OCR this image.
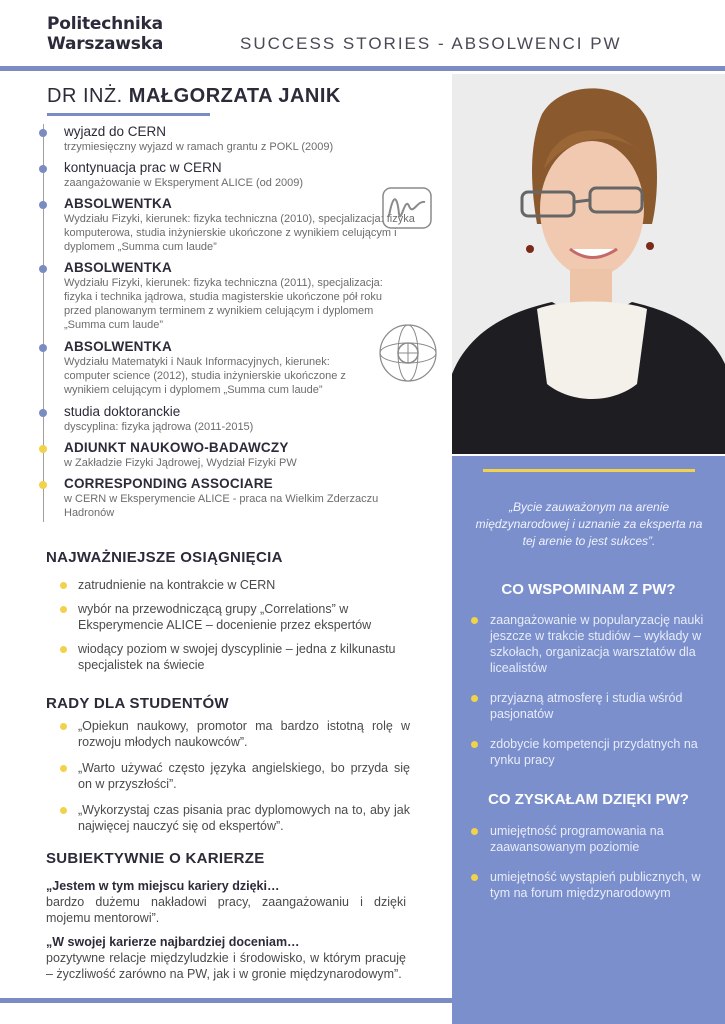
Politechnika
Warszawska	SUCCESS STORIES - ABSOLWENCI PW
„Bycie zauważonym na arenie międzynarodowej i uznanie za eksperta na tej arenie to jest sukces”.
CO WSPOMINAM Z PW?
zaangażowanie w popularyzację nauki jeszcze w trakcie studiów – wykłady w szkołach, organizacja warsztatów dla licealistów
przyjazną atmosferę i studia wśród pasjonatów
zdobycie kompetencji przydatnych na rynku pracy
CO ZYSKAŁAM DZIĘKI PW?
umiejętność programowania na zaawansowanym poziomie
umiejętność wystąpień publicznych, w tym na forum międzynarodowym
DR INŻ. MAŁGORZATA JANIK
wyjazd do CERN
trzymiesięczny wyjazd w ramach grantu z POKL (2009)
kontynuacja prac w CERN
zaangażowanie w Eksperyment ALICE (od 2009)
ABSOLWENTKA
Wydziału Fizyki, kierunek: fizyka techniczna (2010), specjalizacja: fizyka komputerowa, studia inżynierskie ukończone z wynikiem celującym i dyplomem „Summa cum laude”
ABSOLWENTKA
Wydziału Fizyki, kierunek: fizyka techniczna (2011), specjalizacja: fizyka i technika jądrowa, studia magisterskie ukończone pół roku przed planowanym terminem z wynikiem celującym i dyplomem „Summa cum laude”
ABSOLWENTKA
Wydziału Matematyki i Nauk Informacyjnych, kierunek: computer science (2012), studia inżynierskie ukończone z wynikiem celującym i dyplomem „Summa cum laude”
studia doktoranckie
dyscyplina: fizyka jądrowa (2011-2015)
ADIUNKT NAUKOWO-BADAWCZY
w Zakładzie Fizyki Jądrowej, Wydział Fizyki PW
CORRESPONDING ASSOCIARE
w CERN w Eksperymencie ALICE - praca na Wielkim Zderzaczu Hadronów
NAJWAŻNIEJSZE OSIĄGNIĘCIA
zatrudnienie na kontrakcie w CERN
wybór na przewodniczącą grupy „Correlations” w Eksperymencie ALICE – docenienie przez ekspertów
wiodący poziom w swojej dyscyplinie – jedna z kilkunastu specjalistek na świecie
RADY DLA STUDENTÓW
„Opiekun naukowy, promotor ma bardzo istotną rolę w rozwoju młodych naukowców”.
„Warto używać często języka angielskiego, bo przyda się on w przyszłości”.
„Wykorzystaj czas pisania prac dyplomowych na to, aby jak najwięcej nauczyć się od ekspertów”.
SUBIEKTYWNIE O KARIERZE
„Jestem w tym miejscu kariery dzięki…
bardzo dużemu nakładowi pracy, zaangażowaniu i dzięki mojemu mentorowi”.
„W swojej karierze najbardziej doceniam…
pozytywne relacje międzyludzkie i środowisko, w którym pracuję – życzliwość zarówno na PW, jak i w gronie międzynarodowym”.
